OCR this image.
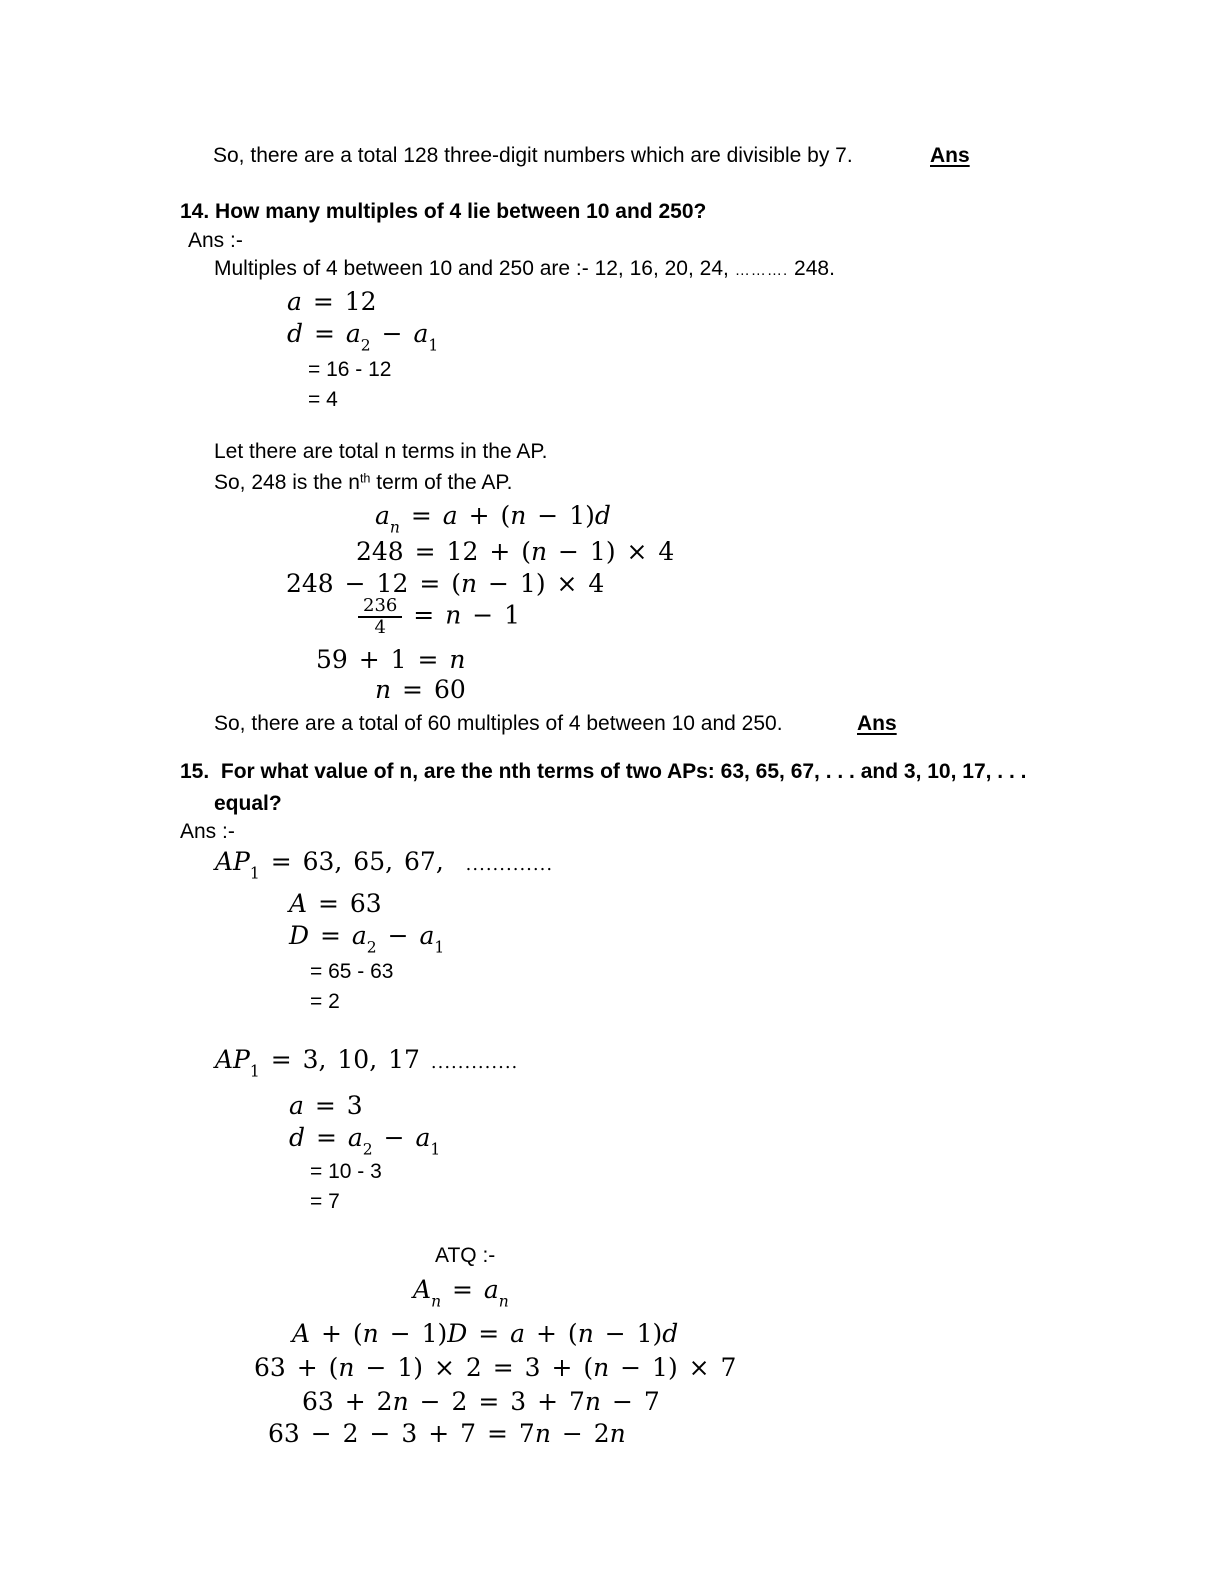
So, there are a total 128 three-digit numbers which are divisible by 7.	Ans
14. How many multiples of 4 lie between 10 and 250?
Ans :-
Multiples of 4 between 10 and 250 are :- 12, 16, 20, 24, ………. 248.
a = 12
$d = a_2 - a_1$
= 16 - 12
= 4
Let there are total n terms in the AP.
So, 248 is the $n^{th}$ term of the AP.
$a_n = a + (n - 1)d$
248 = 12 + (n − 1) × 4
248 − 12 = (n − 1) × 4
$\frac{236}{4} = n - 1$
59 + 1 = n
n = 60
So, there are a total of 60 multiples of 4 between 10 and 250.	Ans
15.  For what value of n, are the nth terms of two APs: 63, 65, 67, . . . and 3, 10, 17, . . .
equal?
Ans :-
$AP_1 = 63$, 65, 67,  .............
A = 63
$D = a_2 - a_1$
= 65 - 63
= 2
$AP_1 = 3$, 10, 17 .............
a = 3
$d = a_2 - a_1$
= 10 - 3
= 7
ATQ :-
$A_n = a_n$
A + (n − 1)D = a + (n − 1)d
63 + (n − 1) × 2 = 3 + (n − 1) × 7
63 + 2n − 2 = 3 + 7n − 7
63 − 2 − 3 + 7 = 7n − 2n
